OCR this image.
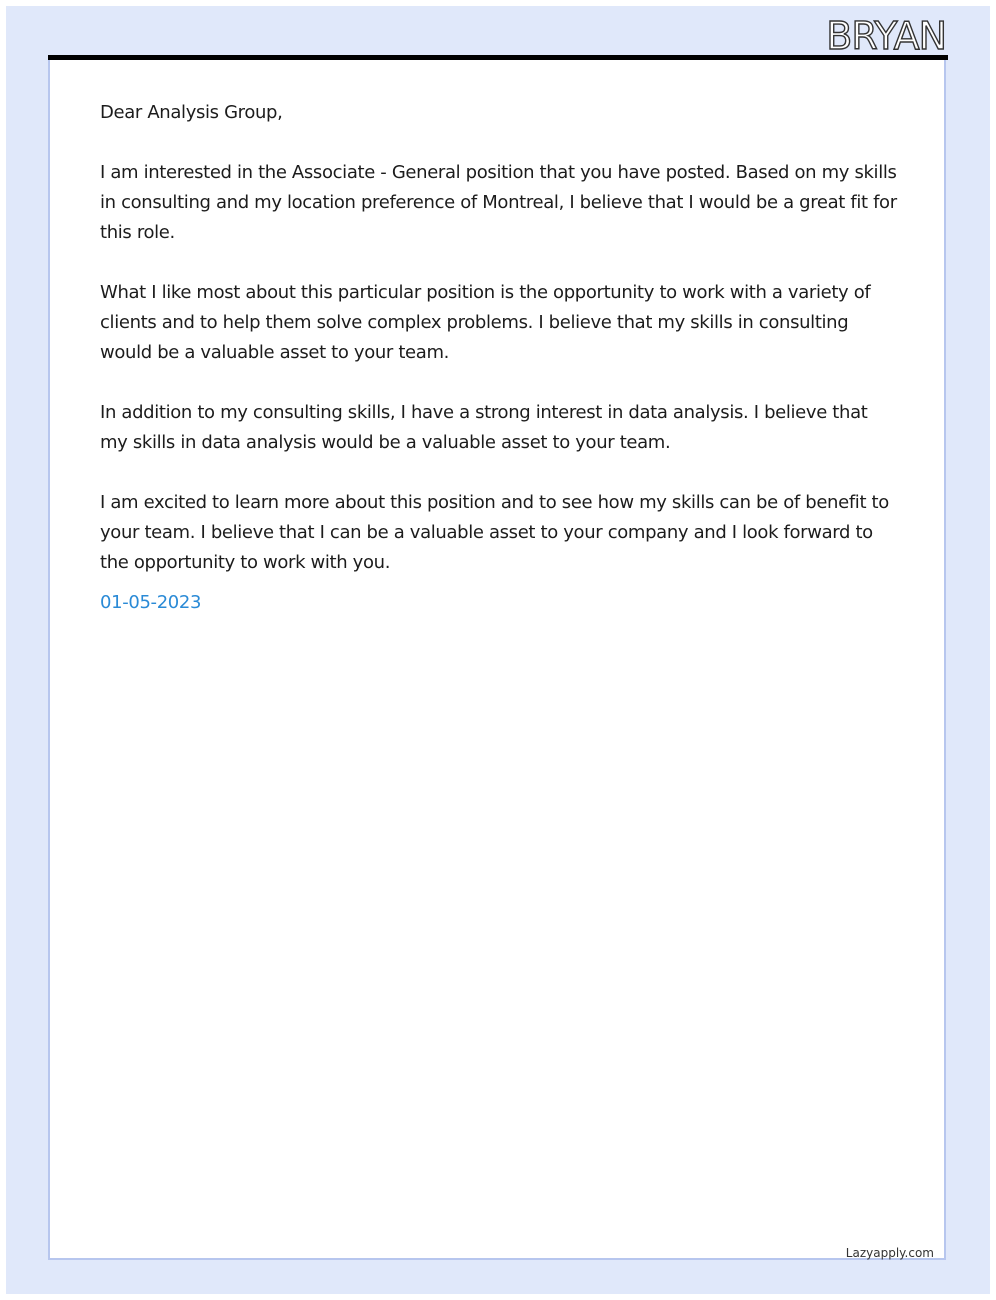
BRYAN

Dear Analysis Group,

I am interested in the Associate - General position that you have posted. Based on my skills in consulting and my location preference of Montreal, I believe that I would be a great fit for this role.

What I like most about this particular position is the opportunity to work with a variety of clients and to help them solve complex problems. I believe that my skills in consulting would be a valuable asset to your team.

In addition to my consulting skills, I have a strong interest in data analysis. I believe that my skills in data analysis would be a valuable asset to your team.

I am excited to learn more about this position and to see how my skills can be of benefit to your team. I believe that I can be a valuable asset to your company and I look forward to the opportunity to work with you.

01-05-2023
Lazyapply.com
